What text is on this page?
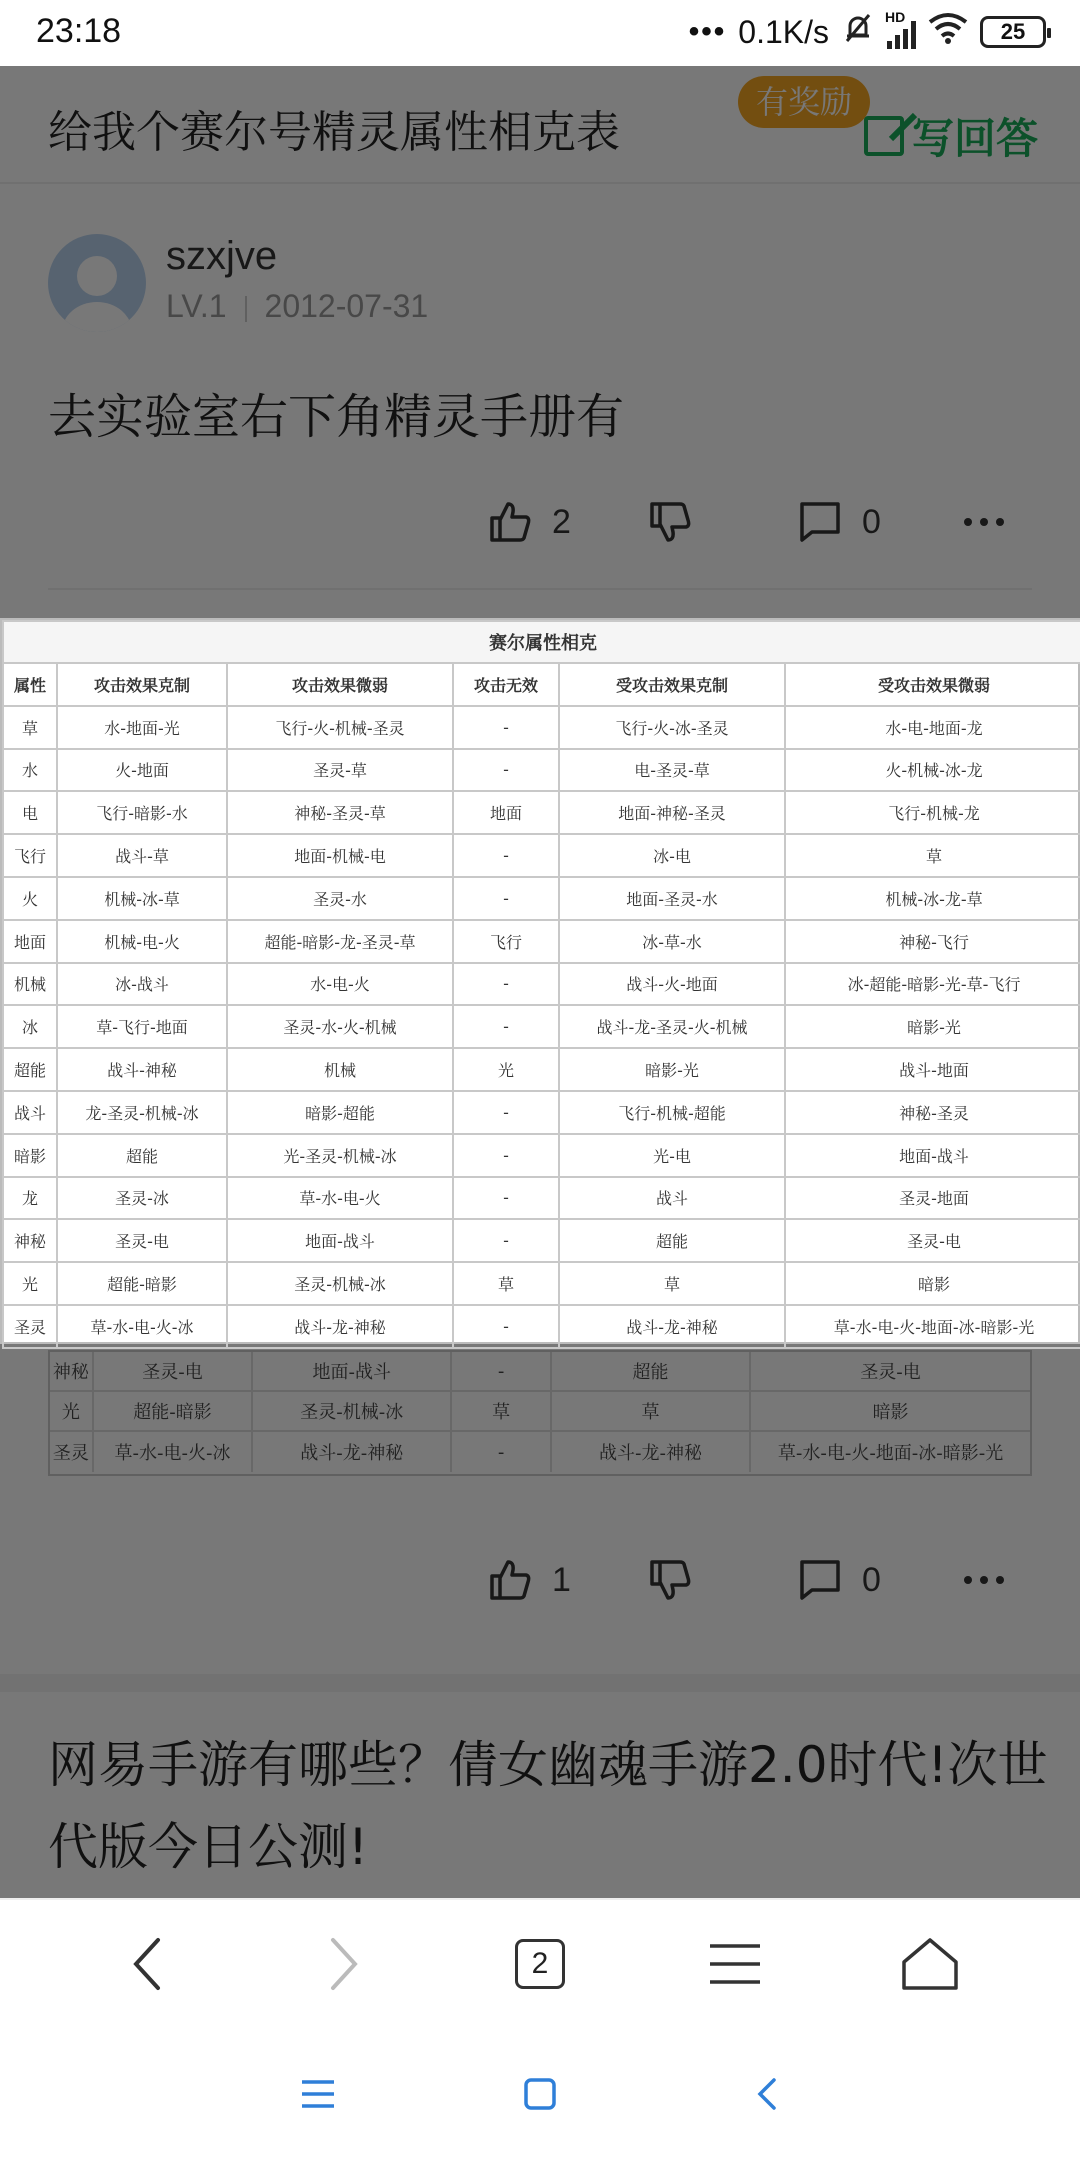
23:18	••• 0.1K/s	HD
25
赛尔属性相克					
属性	攻击效果克制	攻击效果微弱	攻击无效	受攻击效果克制	受攻击效果微弱
草	水-地面-光	飞行-火-机械-圣灵	-	飞行-火-冰-圣灵	水-电-地面-龙
水	火-地面	圣灵-草	-	电-圣灵-草	火-机械-冰-龙
电	飞行-暗影-水	神秘-圣灵-草	地面	地面-神秘-圣灵	飞行-机械-龙
飞行	战斗-草	地面-机械-电	-	冰-电	草
火	机械-冰-草	圣灵-水	-	地面-圣灵-水	机械-冰-龙-草
地面	机械-电-火	超能-暗影-龙-圣灵-草	飞行	冰-草-水	神秘-飞行
机械	冰-战斗	水-电-火	-	战斗-火-地面	冰-超能-暗影-光-草-飞行
冰	草-飞行-地面	圣灵-水-火-机械	-	战斗-龙-圣灵-火-机械	暗影-光
超能	战斗-神秘	机械	光	暗影-光	战斗-地面
战斗	龙-圣灵-机械-冰	暗影-超能	-	飞行-机械-超能	神秘-圣灵
暗影	超能	光-圣灵-机械-冰	-	光-电	地面-战斗
龙	圣灵-冰	草-水-电-火	-	战斗	圣灵-地面
神秘	圣灵-电	地面-战斗	-	超能	圣灵-电
光	超能-暗影	圣灵-机械-冰	草	草	暗影
圣灵	草-水-电-火-冰	战斗-龙-神秘	-	战斗-龙-神秘	草-水-电-火-地面-冰-暗影-光
2
